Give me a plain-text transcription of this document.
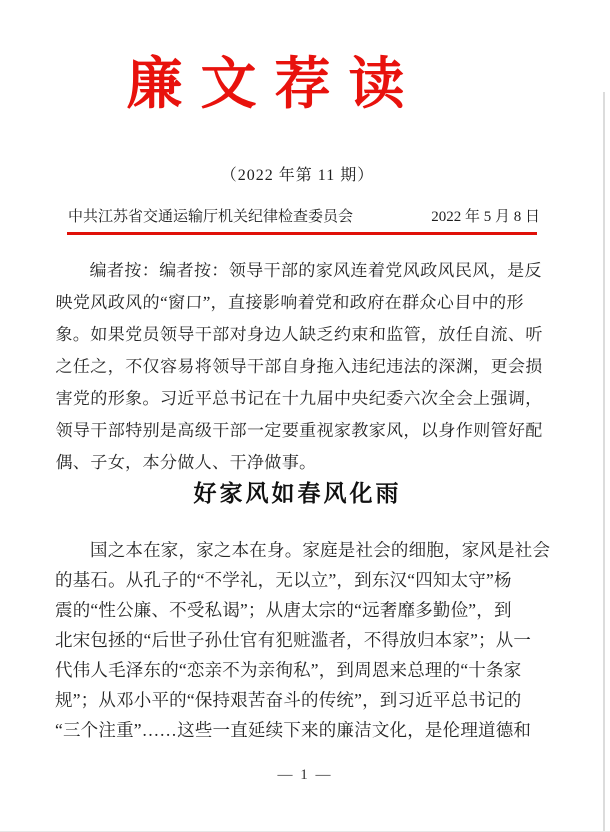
廉文荐读
（2022 年第 11 期）
中共江苏省交通运输厅机关纪律检查委员会	2022 年 5 月 8 日

编者按：编者按：领导干部的家风连着党风政风民风，是反

映党风政风的“窗口”，直接影响着党和政府在群众心目中的形

象。如果党员领导干部对身边人缺乏约束和监管，放任自流、听

之任之，不仅容易将领导干部自身拖入违纪违法的深渊，更会损

害党的形象。习近平总书记在十九届中央纪委六次全会上强调，

领导干部特别是高级干部一定要重视家教家风，以身作则管好配

偶、子女，本分做人、干净做事。

好家风如春风化雨

国之本在家，家之本在身。家庭是社会的细胞，家风是社会

的基石。从孔子的“不学礼，无以立”，到东汉“四知太守”杨

震的“性公廉、不受私谒”；从唐太宗的“远奢靡多勤俭”，到

北宋包拯的“后世子孙仕官有犯赃滥者，不得放归本家”；从一

代伟人毛泽东的“恋亲不为亲徇私”，到周恩来总理的“十条家

规”；从邓小平的“保持艰苦奋斗的传统”，到习近平总书记的

“三个注重”……这些一直延续下来的廉洁文化，是伦理道德和

— 1 —
